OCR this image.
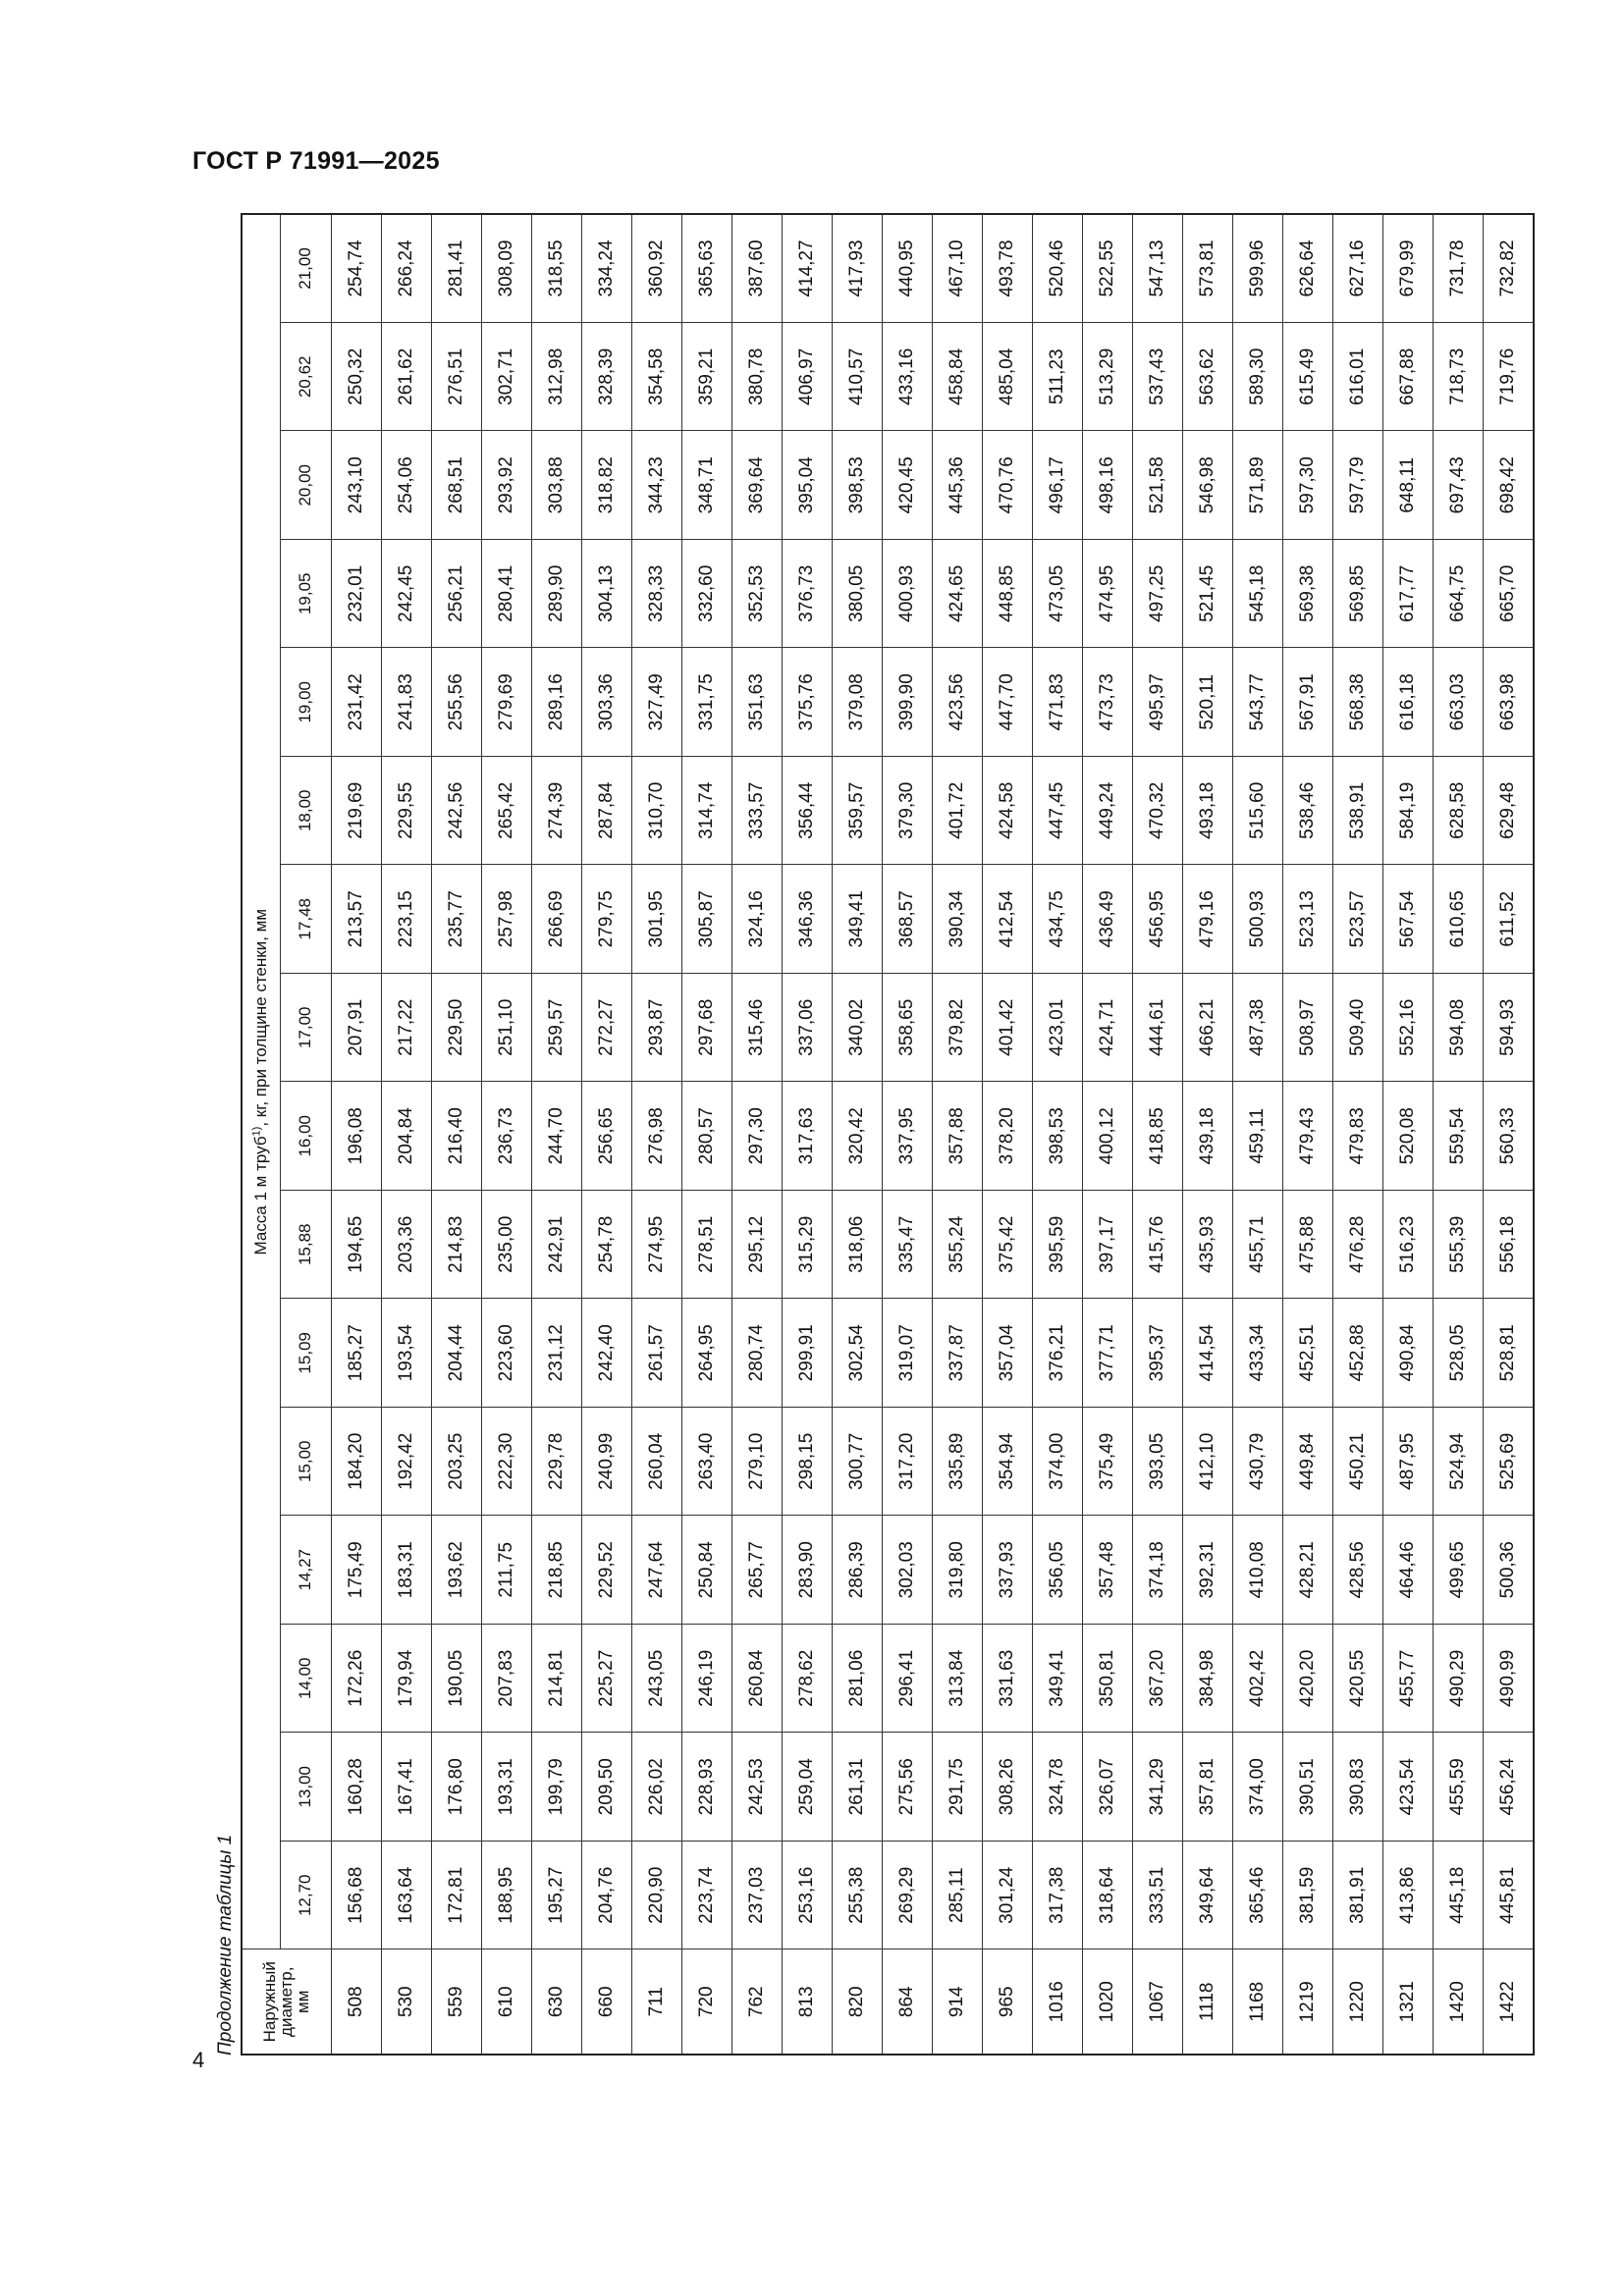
ГОСТ Р 71991—2025
Продолжение таблицы 1 Наружный
диаметр,
мм	Масса 1 м труб$^{1)}$, кг, при толщине стенки, мм															
	12,70	13,00	14,00	14,27	15,00	15,09	15,88	16,00	17,00	17,48	18,00	19,00	19,05	20,00	20,62	21,00
508	156,68	160,28	172,26	175,49	184,20	185,27	194,65	196,08	207,91	213,57	219,69	231,42	232,01	243,10	250,32	254,74
530	163,64	167,41	179,94	183,31	192,42	193,54	203,36	204,84	217,22	223,15	229,55	241,83	242,45	254,06	261,62	266,24
559	172,81	176,80	190,05	193,62	203,25	204,44	214,83	216,40	229,50	235,77	242,56	255,56	256,21	268,51	276,51	281,41
610	188,95	193,31	207,83	211,75	222,30	223,60	235,00	236,73	251,10	257,98	265,42	279,69	280,41	293,92	302,71	308,09
630	195,27	199,79	214,81	218,85	229,78	231,12	242,91	244,70	259,57	266,69	274,39	289,16	289,90	303,88	312,98	318,55
660	204,76	209,50	225,27	229,52	240,99	242,40	254,78	256,65	272,27	279,75	287,84	303,36	304,13	318,82	328,39	334,24
711	220,90	226,02	243,05	247,64	260,04	261,57	274,95	276,98	293,87	301,95	310,70	327,49	328,33	344,23	354,58	360,92
720	223,74	228,93	246,19	250,84	263,40	264,95	278,51	280,57	297,68	305,87	314,74	331,75	332,60	348,71	359,21	365,63
762	237,03	242,53	260,84	265,77	279,10	280,74	295,12	297,30	315,46	324,16	333,57	351,63	352,53	369,64	380,78	387,60
813	253,16	259,04	278,62	283,90	298,15	299,91	315,29	317,63	337,06	346,36	356,44	375,76	376,73	395,04	406,97	414,27
820	255,38	261,31	281,06	286,39	300,77	302,54	318,06	320,42	340,02	349,41	359,57	379,08	380,05	398,53	410,57	417,93
864	269,29	275,56	296,41	302,03	317,20	319,07	335,47	337,95	358,65	368,57	379,30	399,90	400,93	420,45	433,16	440,95
914	285,11	291,75	313,84	319,80	335,89	337,87	355,24	357,88	379,82	390,34	401,72	423,56	424,65	445,36	458,84	467,10
965	301,24	308,26	331,63	337,93	354,94	357,04	375,42	378,20	401,42	412,54	424,58	447,70	448,85	470,76	485,04	493,78
1016	317,38	324,78	349,41	356,05	374,00	376,21	395,59	398,53	423,01	434,75	447,45	471,83	473,05	496,17	511,23	520,46
1020	318,64	326,07	350,81	357,48	375,49	377,71	397,17	400,12	424,71	436,49	449,24	473,73	474,95	498,16	513,29	522,55
1067	333,51	341,29	367,20	374,18	393,05	395,37	415,76	418,85	444,61	456,95	470,32	495,97	497,25	521,58	537,43	547,13
1118	349,64	357,81	384,98	392,31	412,10	414,54	435,93	439,18	466,21	479,16	493,18	520,11	521,45	546,98	563,62	573,81
1168	365,46	374,00	402,42	410,08	430,79	433,34	455,71	459,11	487,38	500,93	515,60	543,77	545,18	571,89	589,30	599,96
1219	381,59	390,51	420,20	428,21	449,84	452,51	475,88	479,43	508,97	523,13	538,46	567,91	569,38	597,30	615,49	626,64
1220	381,91	390,83	420,55	428,56	450,21	452,88	476,28	479,83	509,40	523,57	538,91	568,38	569,85	597,79	616,01	627,16
1321	413,86	423,54	455,77	464,46	487,95	490,84	516,23	520,08	552,16	567,54	584,19	616,18	617,77	648,11	667,88	679,99
1420	445,18	455,59	490,29	499,65	524,94	528,05	555,39	559,54	594,08	610,65	628,58	663,03	664,75	697,43	718,73	731,78
1422	445,81	456,24	490,99	500,36	525,69	528,81	556,18	560,33	594,93	611,52	629,48	663,98	665,70	698,42	719,76	732,82
4
